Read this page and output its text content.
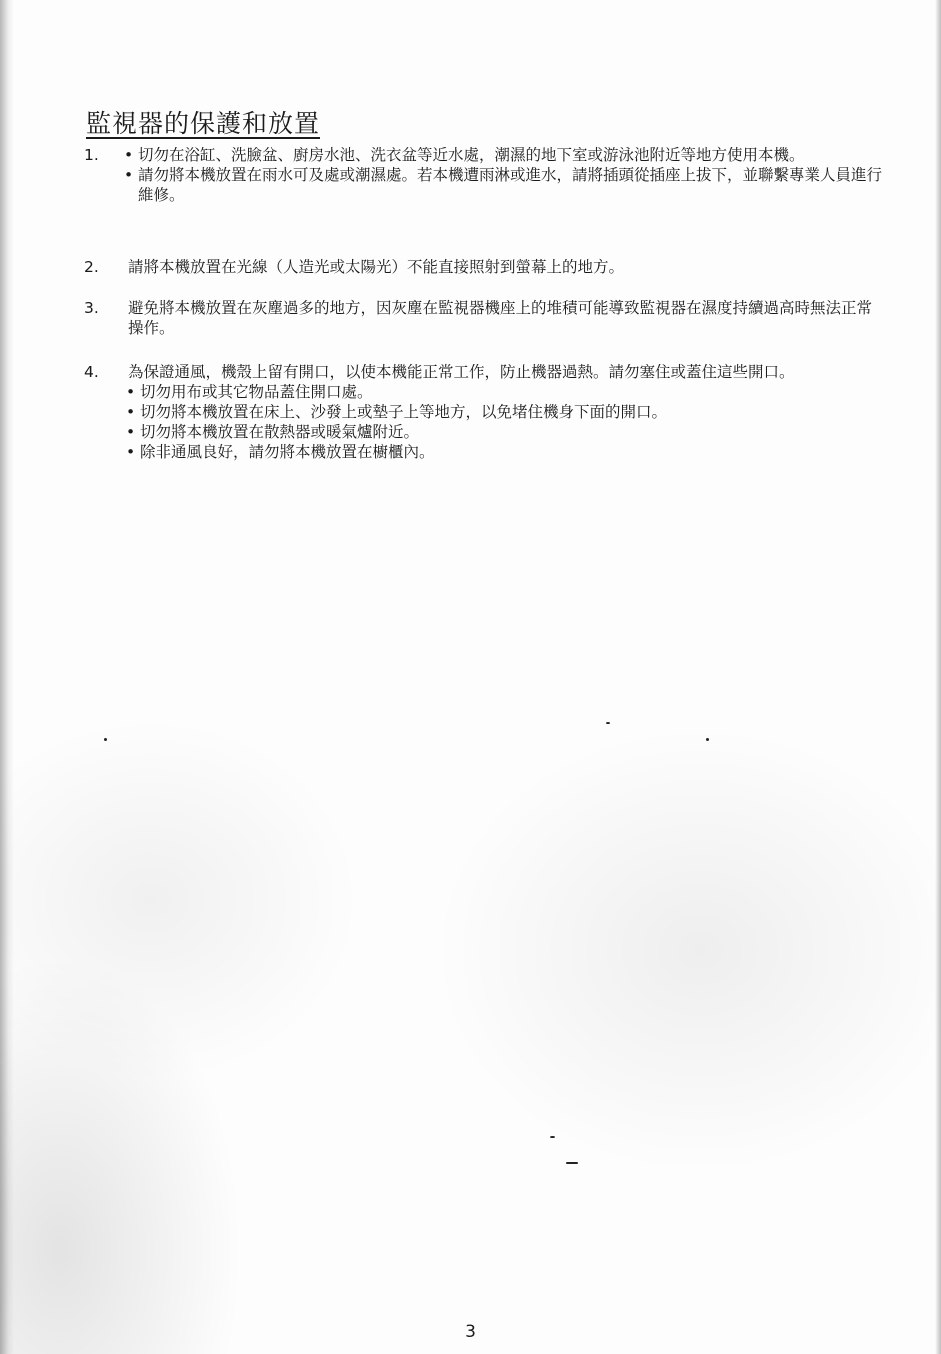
監視器的保護和放置
1.
•	切勿在浴缸、洗臉盆、廚房水池、洗衣盆等近水處，潮濕的地下室或游泳池附近等地方使用本機。
• 請勿將本機放置在雨水可及處或潮濕處。若本機遭雨淋或進水，請將插頭從插座上拔下，並聯繫專業人員進行維修。
2.	請將本機放置在光線（人造光或太陽光）不能直接照射到螢幕上的地方。
3.	避免將本機放置在灰塵過多的地方，因灰塵在監視器機座上的堆積可能導致監視器在濕度持續過高時無法正常操作。
4.	為保證通風，機殼上留有開口，以使本機能正常工作，防止機器過熱。請勿塞住或蓋住這些開口。
• 切勿用布或其它物品蓋住開口處。
• 切勿將本機放置在床上、沙發上或墊子上等地方，以免堵住機身下面的開口。
• 切勿將本機放置在散熱器或暖氣爐附近。
• 除非通風良好，請勿將本機放置在櫥櫃內。
3
